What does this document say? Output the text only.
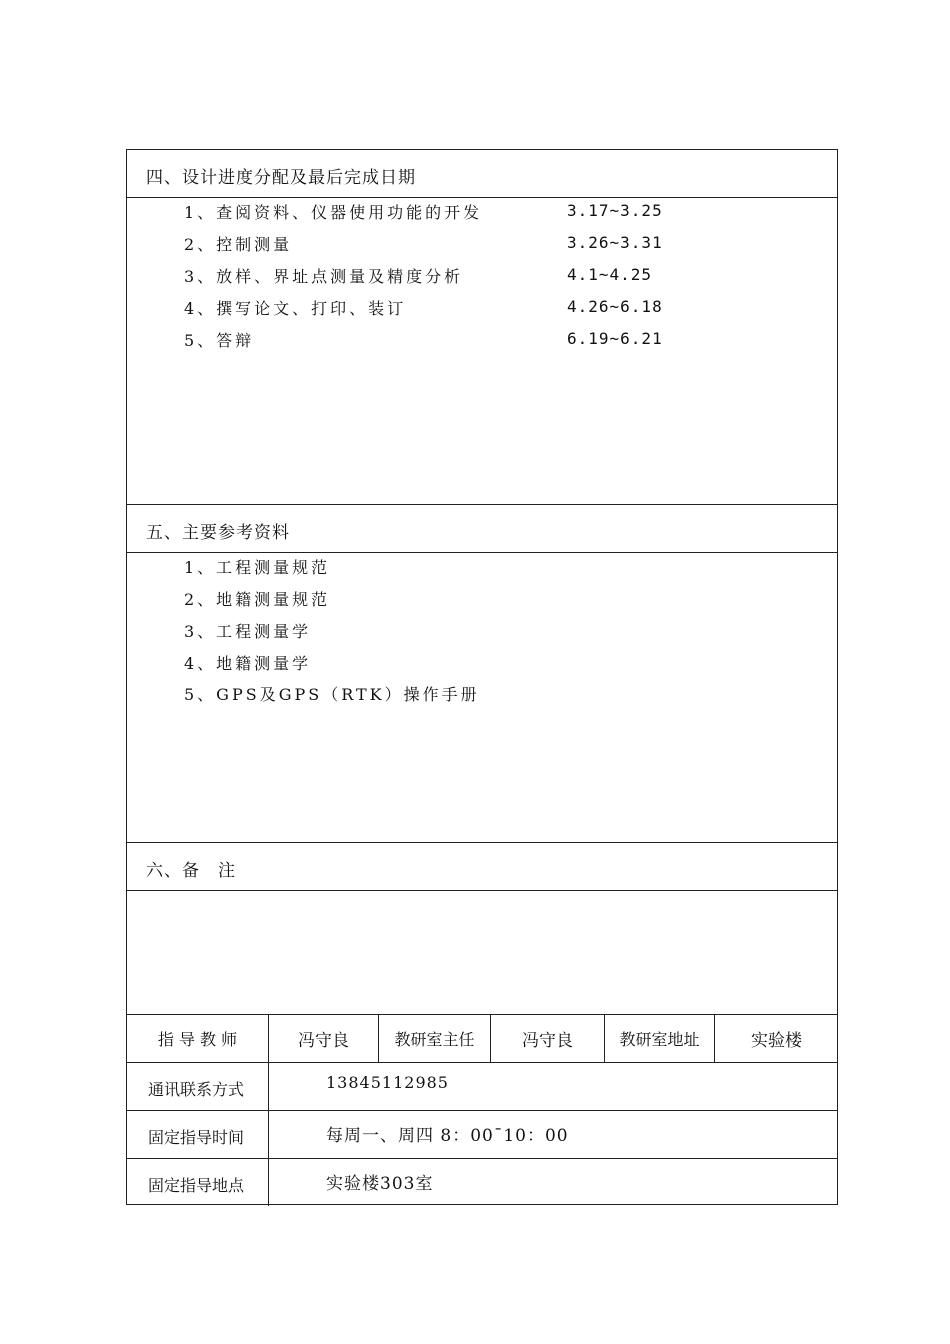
四、设计进度分配及最后完成日期
1、查阅资料、仪器使用功能的开发	3.17~3.25
2、控制测量	3.26~3.31
3、放样、界址点测量及精度分析	4.1~4.25
4、撰写论文、打印、装订	4.26~6.18
5、答辩	6.19~6.21
五、主要参考资料
1、工程测量规范
2、地籍测量规范
3、工程测量学
4、地籍测量学
5、GPS及GPS（RTK）操作手册
六、备　注
指 导 教 师	冯守良	教研室主任	冯守良	教研室地址	实验楼
通讯联系方式	13845112985
固定指导时间	每周一、周四 8：00¯10：00
固定指导地点	实验楼303室
